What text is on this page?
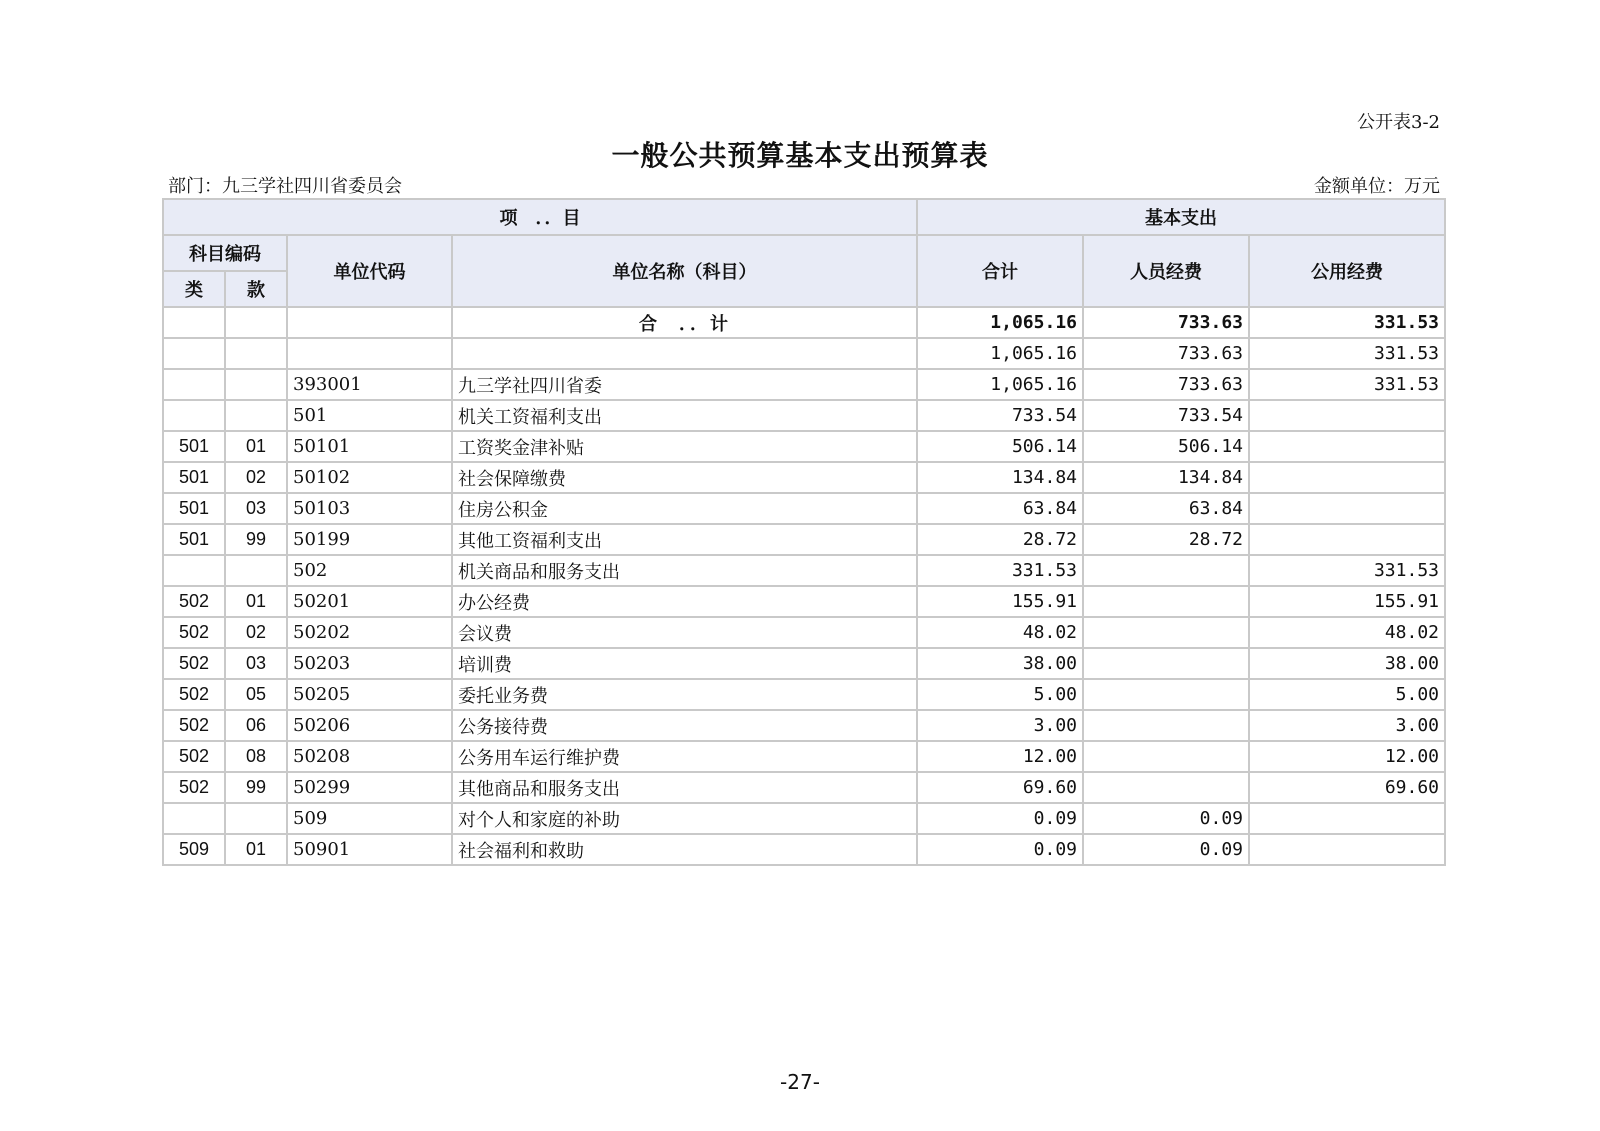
公开表3-2
一般公共预算基本支出预算表
部门：九三学社四川省委员会	金额单位：万元
项　．．目				基本支出		
科目编码		单位代码	单位名称（科目）	合计	人员经费	公用经费
类	款					
			合　．．计	1,065.16	733.63	331.53
				1,065.16	733.63	331.53
		393001	九三学社四川省委	1,065.16	733.63	331.53
		501	机关工资福利支出	733.54	733.54	
501	01	50101	工资奖金津补贴	506.14	506.14	
501	02	50102	社会保障缴费	134.84	134.84	
501	03	50103	住房公积金	63.84	63.84	
501	99	50199	其他工资福利支出	28.72	28.72	
		502	机关商品和服务支出	331.53		331.53
502	01	50201	办公经费	155.91		155.91
502	02	50202	会议费	48.02		48.02
502	03	50203	培训费	38.00		38.00
502	05	50205	委托业务费	5.00		5.00
502	06	50206	公务接待费	3.00		3.00
502	08	50208	公务用车运行维护费	12.00		12.00
502	99	50299	其他商品和服务支出	69.60		69.60
		509	对个人和家庭的补助	0.09	0.09	
509	01	50901	社会福利和救助	0.09	0.09	
-27-
